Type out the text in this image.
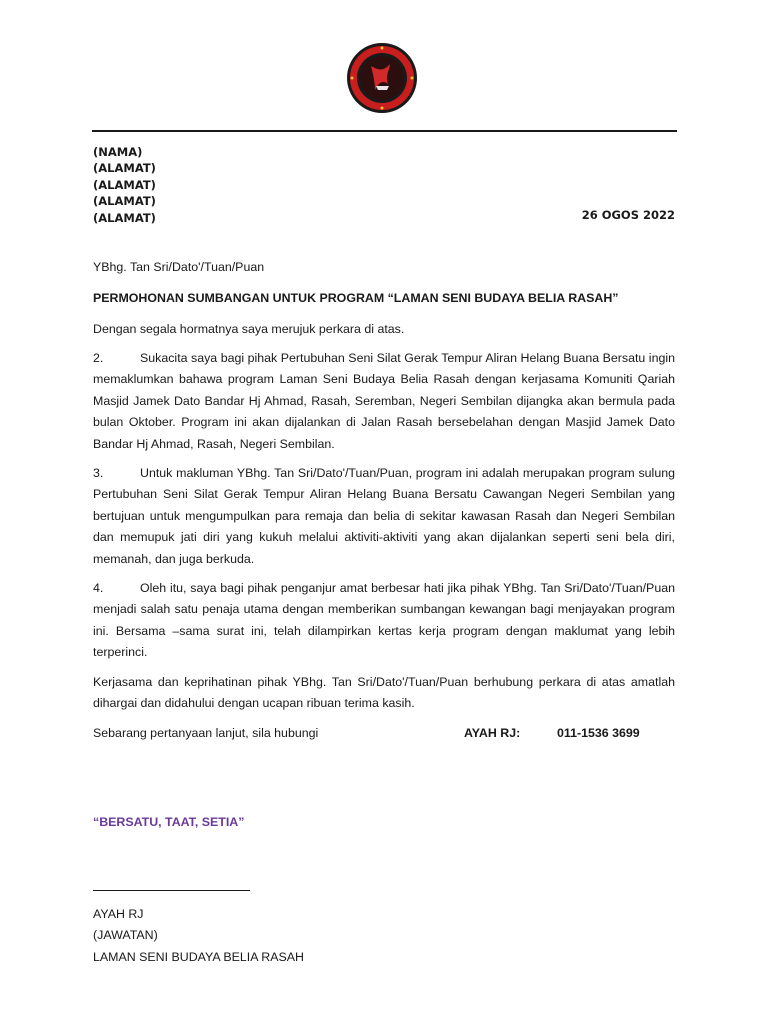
(NAMA)
(ALAMAT)
(ALAMAT)
(ALAMAT)
(ALAMAT)	26 OGOS 2022

YBhg. Tan Sri/Dato'/Tuan/Puan

PERMOHONAN SUMBANGAN UNTUK PROGRAM “LAMAN SENI BUDAYA BELIA RASAH”

Dengan segala hormatnya saya merujuk perkara di atas.

2.	Sukacita saya bagi pihak Pertubuhan Seni Silat Gerak Tempur Aliran Helang Buana Bersatu ingin memaklumkan bahawa program Laman Seni Budaya Belia Rasah dengan kerjasama Komuniti Qariah Masjid Jamek Dato Bandar Hj Ahmad, Rasah, Seremban, Negeri Sembilan dijangka akan bermula pada bulan Oktober. Program ini akan dijalankan di Jalan Rasah bersebelahan dengan Masjid Jamek Dato Bandar Hj Ahmad, Rasah, Negeri Sembilan.

3.	Untuk makluman YBhg. Tan Sri/Dato'/Tuan/Puan, program ini adalah merupakan program sulung Pertubuhan Seni Silat Gerak Tempur Aliran Helang Buana Bersatu Cawangan Negeri Sembilan yang bertujuan untuk mengumpulkan para remaja dan belia di sekitar kawasan Rasah dan Negeri Sembilan dan memupuk jati diri yang kukuh melalui aktiviti-aktiviti yang akan dijalankan seperti seni bela diri, memanah, dan juga berkuda.

4.	Oleh itu, saya bagi pihak penganjur amat berbesar hati jika pihak YBhg. Tan Sri/Dato'/Tuan/Puan menjadi salah satu penaja utama dengan memberikan sumbangan kewangan bagi menjayakan program ini. Bersama –sama surat ini, telah dilampirkan kertas kerja program dengan maklumat yang lebih terperinci.

Kerjasama dan keprihatinan pihak YBhg. Tan Sri/Dato'/Tuan/Puan berhubung perkara di atas amatlah dihargai dan didahului dengan ucapan ribuan terima kasih.

Sebarang pertanyaan lanjut, sila hubungi	AYAH RJ:	011-1536 3699

“BERSATU, TAAT, SETIA”

AYAH RJ
(JAWATAN)
LAMAN SENI BUDAYA BELIA RASAH
